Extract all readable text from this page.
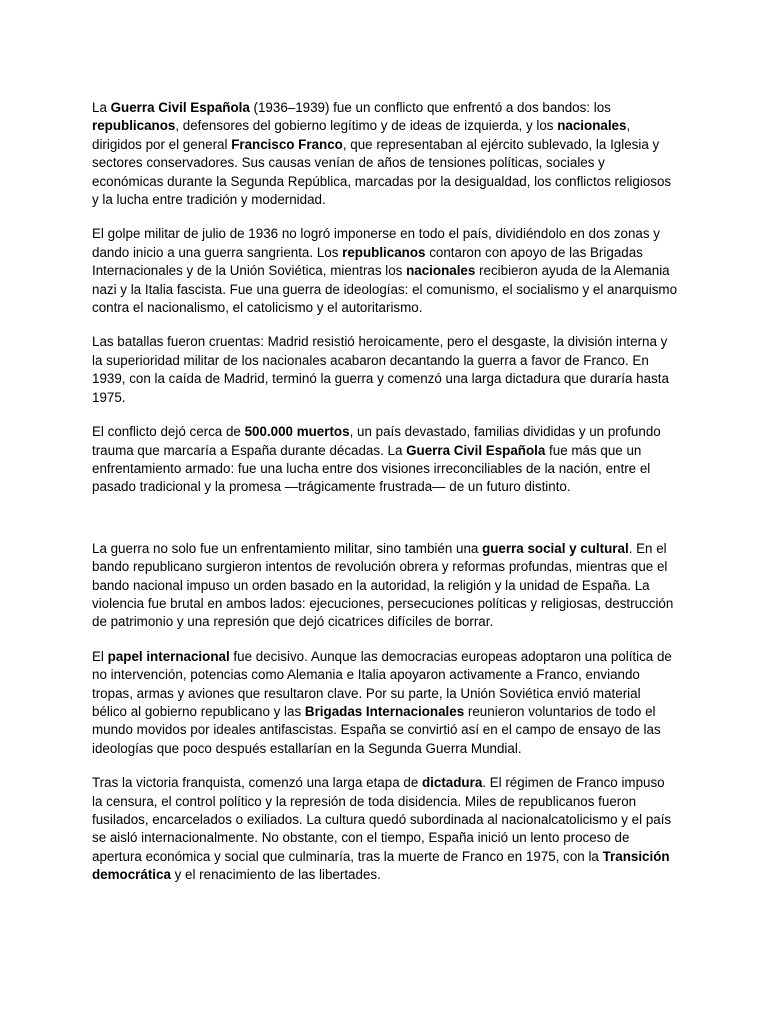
La Guerra Civil Española (1936–1939) fue un conflicto que enfrentó a dos bandos: los republicanos, defensores del gobierno legítimo y de ideas de izquierda, y los nacionales, dirigidos por el general Francisco Franco, que representaban al ejército sublevado, la Iglesia y sectores conservadores. Sus causas venían de años de tensiones políticas, sociales y económicas durante la Segunda República, marcadas por la desigualdad, los conflictos religiosos y la lucha entre tradición y modernidad.

El golpe militar de julio de 1936 no logró imponerse en todo el país, dividiéndolo en dos zonas y dando inicio a una guerra sangrienta. Los republicanos contaron con apoyo de las Brigadas Internacionales y de la Unión Soviética, mientras los nacionales recibieron ayuda de la Alemania nazi y la Italia fascista. Fue una guerra de ideologías: el comunismo, el socialismo y el anarquismo contra el nacionalismo, el catolicismo y el autoritarismo.

Las batallas fueron cruentas: Madrid resistió heroicamente, pero el desgaste, la división interna y la superioridad militar de los nacionales acabaron decantando la guerra a favor de Franco. En 1939, con la caída de Madrid, terminó la guerra y comenzó una larga dictadura que duraría hasta 1975.

El conflicto dejó cerca de 500.000 muertos, un país devastado, familias divididas y un profundo trauma que marcaría a España durante décadas. La Guerra Civil Española fue más que un enfrentamiento armado: fue una lucha entre dos visiones irreconciliables de la nación, entre el pasado tradicional y la promesa —trágicamente frustrada— de un futuro distinto.

La guerra no solo fue un enfrentamiento militar, sino también una guerra social y cultural. En el bando republicano surgieron intentos de revolución obrera y reformas profundas, mientras que el bando nacional impuso un orden basado en la autoridad, la religión y la unidad de España. La violencia fue brutal en ambos lados: ejecuciones, persecuciones políticas y religiosas, destrucción de patrimonio y una represión que dejó cicatrices difíciles de borrar.

El papel internacional fue decisivo. Aunque las democracias europeas adoptaron una política de no intervención, potencias como Alemania e Italia apoyaron activamente a Franco, enviando tropas, armas y aviones que resultaron clave. Por su parte, la Unión Soviética envió material bélico al gobierno republicano y las Brigadas Internacionales reunieron voluntarios de todo el mundo movidos por ideales antifascistas. España se convirtió así en el campo de ensayo de las ideologías que poco después estallarían en la Segunda Guerra Mundial.

Tras la victoria franquista, comenzó una larga etapa de dictadura. El régimen de Franco impuso la censura, el control político y la represión de toda disidencia. Miles de republicanos fueron fusilados, encarcelados o exiliados. La cultura quedó subordinada al nacionalcatolicismo y el país se aisló internacionalmente. No obstante, con el tiempo, España inició un lento proceso de apertura económica y social que culminaría, tras la muerte de Franco en 1975, con la Transición democrática y el renacimiento de las libertades.
